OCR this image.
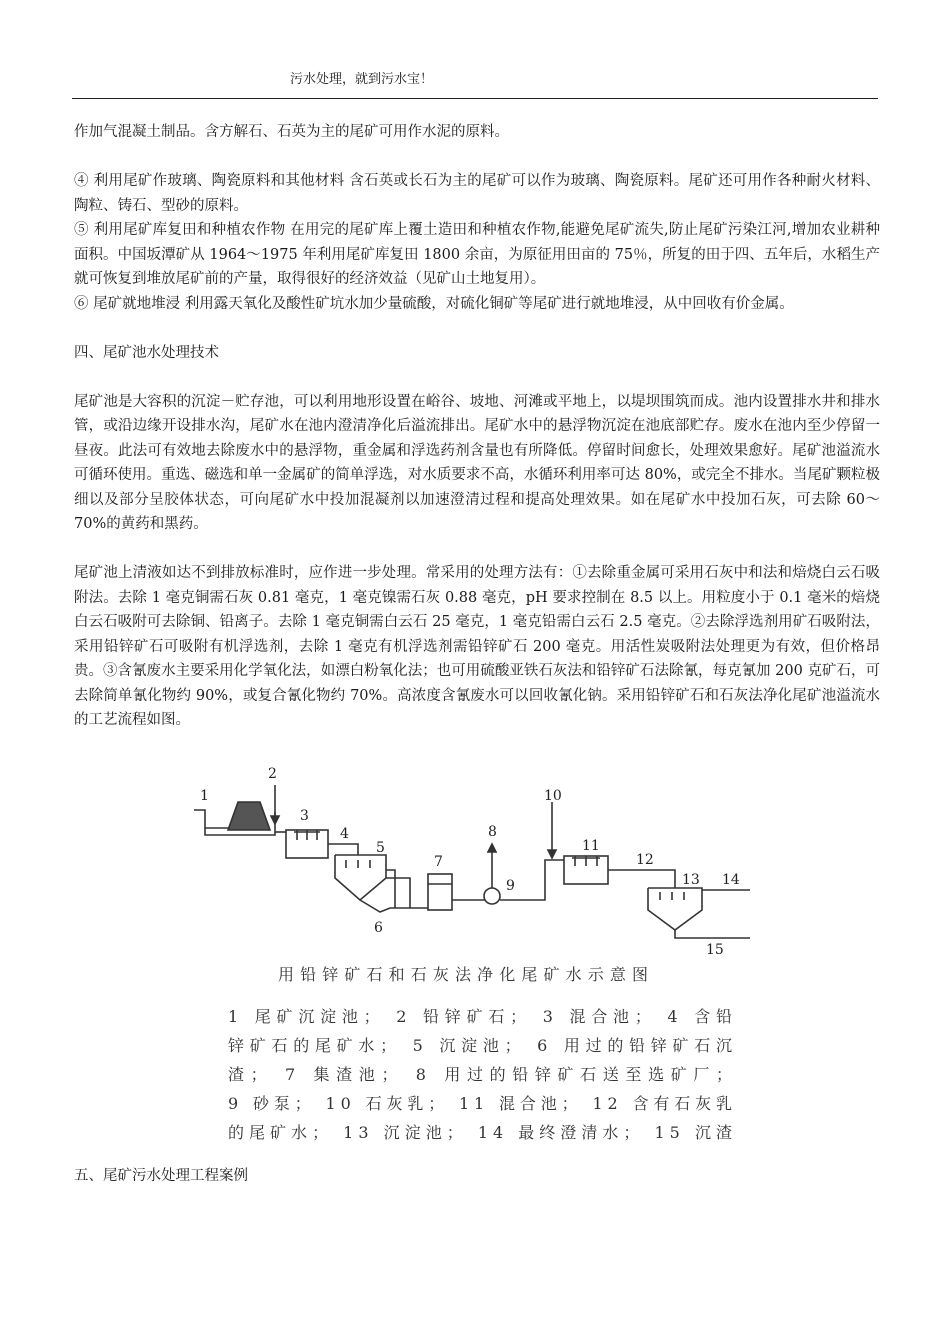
污水处理，就到污水宝！

作加气混凝土制品。含方解石、石英为主的尾矿可用作水泥的原料。

④ 利用尾矿作玻璃、陶瓷原料和其他材料 含石英或长石为主的尾矿可以作为玻璃、陶瓷原料。尾矿还可用作各种耐火材料、陶粒、铸石、型砂的原料。

⑤ 利用尾矿库复田和种植农作物 在用完的尾矿库上覆土造田和种植农作物,能避免尾矿流失,防止尾矿污染江河,增加农业耕种面积。中国坂潭矿从 1964～1975 年利用尾矿库复田 1800 余亩，为原征用田亩的 75％，所复的田于四、五年后，水稻生产就可恢复到堆放尾矿前的产量，取得很好的经济效益（见矿山土地复用）。

⑥ 尾矿就地堆浸 利用露天氧化及酸性矿坑水加少量硫酸，对硫化铜矿等尾矿进行就地堆浸，从中回收有价金属。

四、尾矿池水处理技术

尾矿池是大容积的沉淀－贮存池，可以利用地形设置在峪谷、坡地、河滩或平地上，以堤坝围筑而成。池内设置排水井和排水管，或沿边缘开设排水沟，尾矿水在池内澄清净化后溢流排出。尾矿水中的悬浮物沉淀在池底部贮存。废水在池内至少停留一昼夜。此法可有效地去除废水中的悬浮物，重金属和浮选药剂含量也有所降低。停留时间愈长，处理效果愈好。尾矿池溢流水可循环使用。重选、磁选和单一金属矿的简单浮选，对水质要求不高，水循环利用率可达 80%，或完全不排水。当尾矿颗粒极细以及部分呈胶体状态，可向尾矿水中投加混凝剂以加速澄清过程和提高处理效果。如在尾矿水中投加石灰，可去除 60～70%的黄药和黑药。

尾矿池上清液如达不到排放标准时，应作进一步处理。常采用的处理方法有：①去除重金属可采用石灰中和法和焙烧白云石吸附法。去除 1 毫克铜需石灰 0.81 毫克，1 毫克镍需石灰 0.88 毫克，pH 要求控制在 8.5 以上。用粒度小于 0.1 毫米的焙烧白云石吸附可去除铜、铅离子。去除 1 毫克铜需白云石 25 毫克，1 毫克铅需白云石 2.5 毫克。②去除浮选剂用矿石吸附法，采用铅锌矿石可吸附有机浮选剂，去除 1 毫克有机浮选剂需铅锌矿石 200 毫克。用活性炭吸附法处理更为有效，但价格昂贵。③含氰废水主要采用化学氧化法，如漂白粉氧化法；也可用硫酸亚铁石灰法和铅锌矿石法除氰，每克氰加 200 克矿石，可去除简单氰化物约 90%，或复合氰化物约 70%。高浓度含氰废水可以回收氰化钠。采用铅锌矿石和石灰法净化尾矿池溢流水的工艺流程如图。

1
2
3
4
5
6
7
8
9
10
11
12
13 14
15
用铅锌矿石和石灰法净化尾矿水示意图
1 尾矿沉淀池； 2 铅锌矿石； 3 混合池； 4 含铅
锌矿石的尾矿水； 5 沉淀池； 6 用过的铅锌矿石沉
渣； 7 集渣池； 8 用过的铅锌矿石送至选矿厂；
9 砂泵； 10 石灰乳； 11 混合池； 12 含有石灰乳
的尾矿水； 13 沉淀池； 14 最终澄清水； 15 沉渣
五、尾矿污水处理工程案例
